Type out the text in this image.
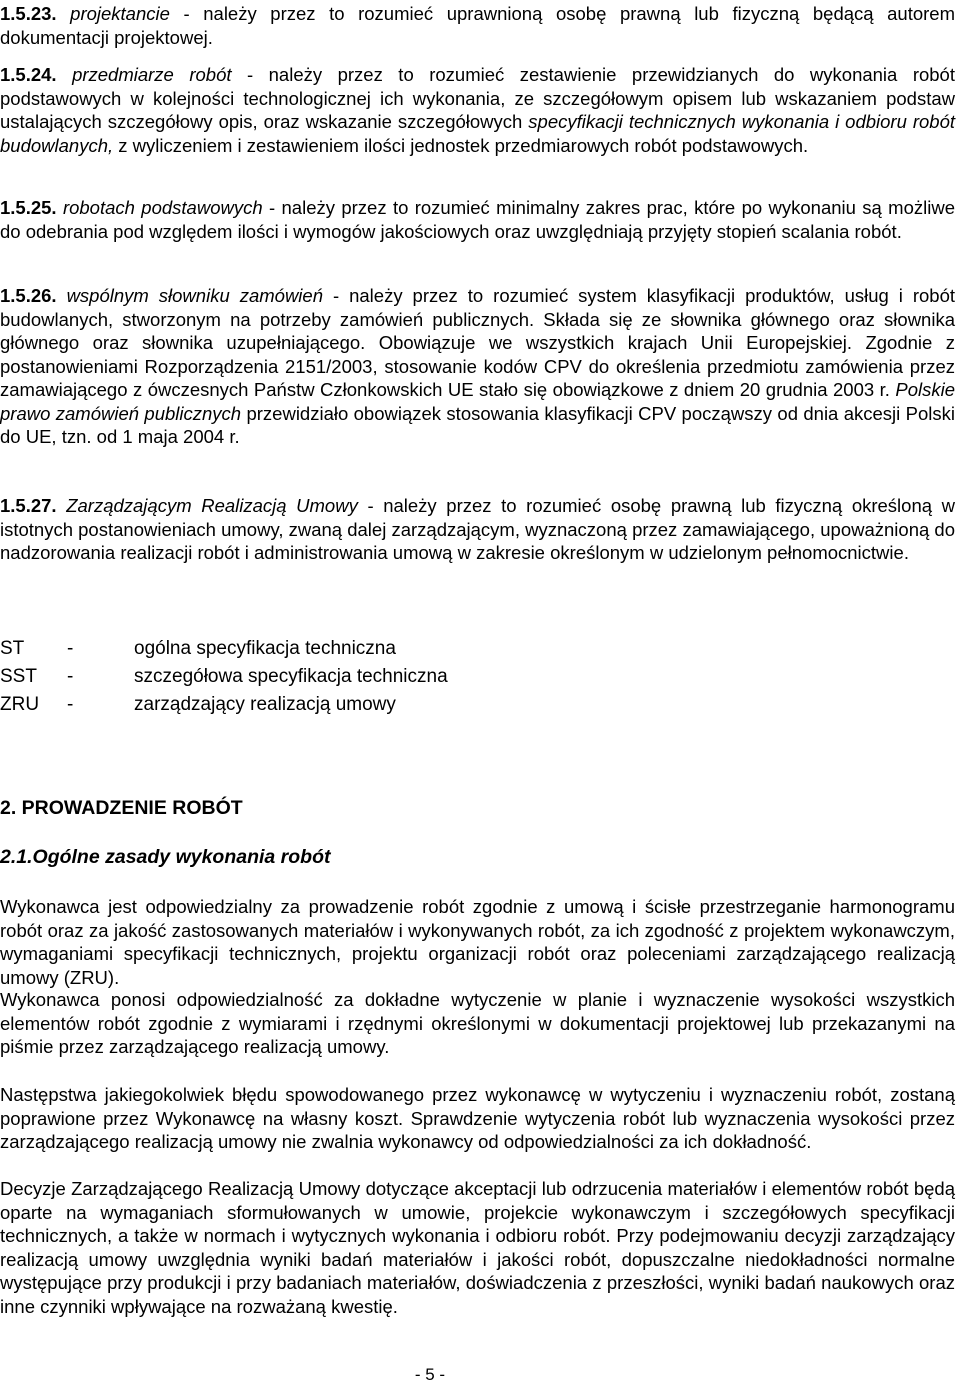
1.5.23. projektancie - należy przez to rozumieć uprawnioną osobę prawną lub fizyczną będącą autorem dokumentacji projektowej.

1.5.24. przedmiarze robót - należy przez to rozumieć zestawienie przewidzianych do wykonania robót podstawowych w kolejności technologicznej ich wykonania, ze szczegółowym opisem lub wskazaniem podstaw ustalających szczegółowy opis, oraz wskazanie szczegółowych specyfikacji technicznych wykonania i odbioru robót budowlanych, z wyliczeniem i zestawieniem ilości jednostek przedmiarowych robót podstawowych.

1.5.25. robotach podstawowych - należy przez to rozumieć minimalny zakres prac, które po wykonaniu są możliwe do odebrania pod względem ilości i wymogów jakościowych oraz uwzględniają przyjęty stopień scalania robót.

1.5.26. wspólnym słowniku zamówień - należy przez to rozumieć system klasyfikacji produktów, usług i robót budowlanych, stworzonym na potrzeby zamówień publicznych. Składa się ze słownika głównego oraz słownika głównego oraz słownika uzupełniającego. Obowiązuje we wszystkich krajach Unii Europejskiej. Zgodnie z postanowieniami Rozporządzenia 2151/2003, stosowanie kodów CPV do określenia przedmiotu zamówienia przez zamawiającego z ówczesnych Państw Członkowskich UE stało się obowiązkowe z dniem 20 grudnia 2003 r. Polskie prawo zamówień publicznych przewidziało obowiązek stosowania klasyfikacji CPV począwszy od dnia akcesji Polski do UE, tzn. od 1 maja 2004 r.

1.5.27. Zarządzającym Realizacją Umowy - należy przez to rozumieć osobę prawną lub fizyczną określoną w istotnych postanowieniach umowy, zwaną dalej zarządzającym, wyznaczoną przez zamawiającego, upoważnioną do nadzorowania realizacji robót i administrowania umową w zakresie określonym w udzielonym pełnomocnictwie.

ST -	ogólna specyfikacja techniczna
SST -	szczegółowa specyfikacja techniczna
ZRU -	zarządzający realizacją umowy
2. PROWADZENIE ROBÓT
2.1.Ogólne zasady wykonania robót

Wykonawca jest odpowiedzialny za prowadzenie robót zgodnie z umową i ścisłe przestrzeganie harmonogramu robót oraz za jakość zastosowanych materiałów i wykonywanych robót, za ich zgodność z projektem wykonawczym, wymaganiami specyfikacji technicznych, projektu organizacji robót oraz poleceniami zarządzającego realizacją umowy (ZRU).

Wykonawca ponosi odpowiedzialność za dokładne wytyczenie w planie i wyznaczenie wysokości wszystkich elementów robót zgodnie z wymiarami i rzędnymi określonymi w dokumentacji projektowej lub przekazanymi na piśmie przez zarządzającego realizacją umowy.

Następstwa jakiegokolwiek błędu spowodowanego przez wykonawcę w wytyczeniu i wyznaczeniu robót, zostaną poprawione przez Wykonawcę na własny koszt. Sprawdzenie wytyczenia robót lub wyznaczenia wysokości przez zarządzającego realizacją umowy nie zwalnia wykonawcy od odpowiedzialności za ich dokładność.

Decyzje Zarządzającego Realizacją Umowy dotyczące akceptacji lub odrzucenia materiałów i elementów robót będą oparte na wymaganiach sformułowanych w umowie, projekcie wykonawczym i szczegółowych specyfikacji technicznych, a także w normach i wytycznych wykonania i odbioru robót. Przy podejmowaniu decyzji zarządzający realizacją umowy uwzględnia wyniki badań materiałów i jakości robót, dopuszczalne niedokładności normalne występujące przy produkcji i przy badaniach materiałów, doświadczenia z przeszłości, wyniki badań naukowych oraz inne czynniki wpływające na rozważaną kwestię.

- 5 -
